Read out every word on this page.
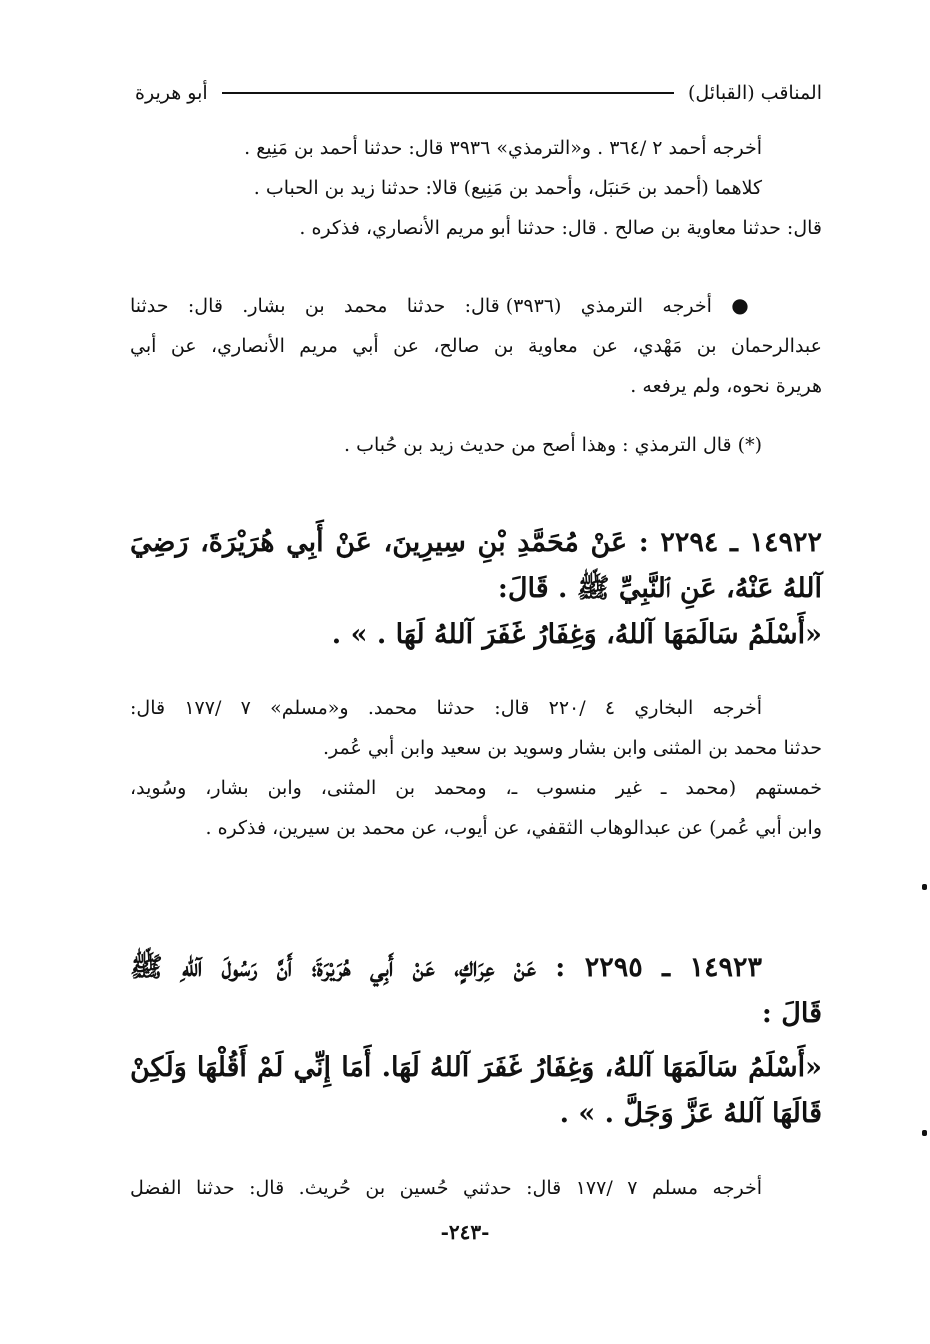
المناقب (القبائل)
أبو هريرة
أخرجه أحمد ٢ /٣٦٤ . و«الترمذي» ٣٩٣٦ قال: حدثنا أحمد بن مَنِيع .
كلاهما (أحمد بن حَنبَل، وأحمد بن مَنِيع) قالا: حدثنا زيد بن الحباب .
قال: حدثنا معاوية بن صالح . قال: حدثنا أبو مريم الأنصاري، فذكره .
● أخرجه الترمذي (٣٩٣٦) قال: حدثنا محمد بن بشار. قال: حدثنا
عبدالرحمان بن مَهْدي، عن معاوية بن صالح، عن أبي مريم الأنصاري، عن أبي
هريرة نحوه، ولم يرفعه .
(*) قال الترمذي : وهذا أصح من حديث زيد بن حُباب .
١٤٩٢٢ ـ ٢٢٩٤ : عَنْ مُحَمَّدِ بْنِ سِيرِينَ، عَنْ أَبِي هُرَيْرَةَ، رَضِيَ
آللهُ عَنْهُ، عَنِ ٱلنَّبِيِّ ﷺ . قَالَ:
«أَسْلَمُ سَالَمَهَا آللهُ، وَغِفَارُ غَفَرَ آللهُ لَهَا . » .
أخرجه البخاري ٤ /٢٢٠ قال: حدثنا محمد. و«مسلم» ٧ /١٧٧ قال:
حدثنا محمد بن المثنى وابن بشار وسويد بن سعيد وابن أبي عُمر.
خمستهم (محمد ـ غير منسوب ـ، ومحمد بن المثنى، وابن بشار، وسُويد،
وابن أبي عُمر) عن عبدالوهاب الثقفي، عن أيوب، عن محمد بن سيرين، فذكره .
١٤٩٢٣ ـ ٢٢٩٥ : عَنْ عِرَاكٍ، عَنْ أَبِي هُرَيْرَةَ؛ أَنَّ رَسُولَ آللهِ ﷺ
قَالَ :
«أَسْلَمُ سَالَمَهَا آللهُ، وَغِفَارُ غَفَرَ آللهُ لَهَا. أَمَا إِنِّي لَمْ أَقُلْهَا وَلَكِنْ
قَالَهَا آللهُ عَزَّ وَجَلَّ . » .
أخرجه مسلم ٧ /١٧٧ قال: حدثني حُسين بن حُريث. قال: حدثنا الفضل
-٢٤٣-
